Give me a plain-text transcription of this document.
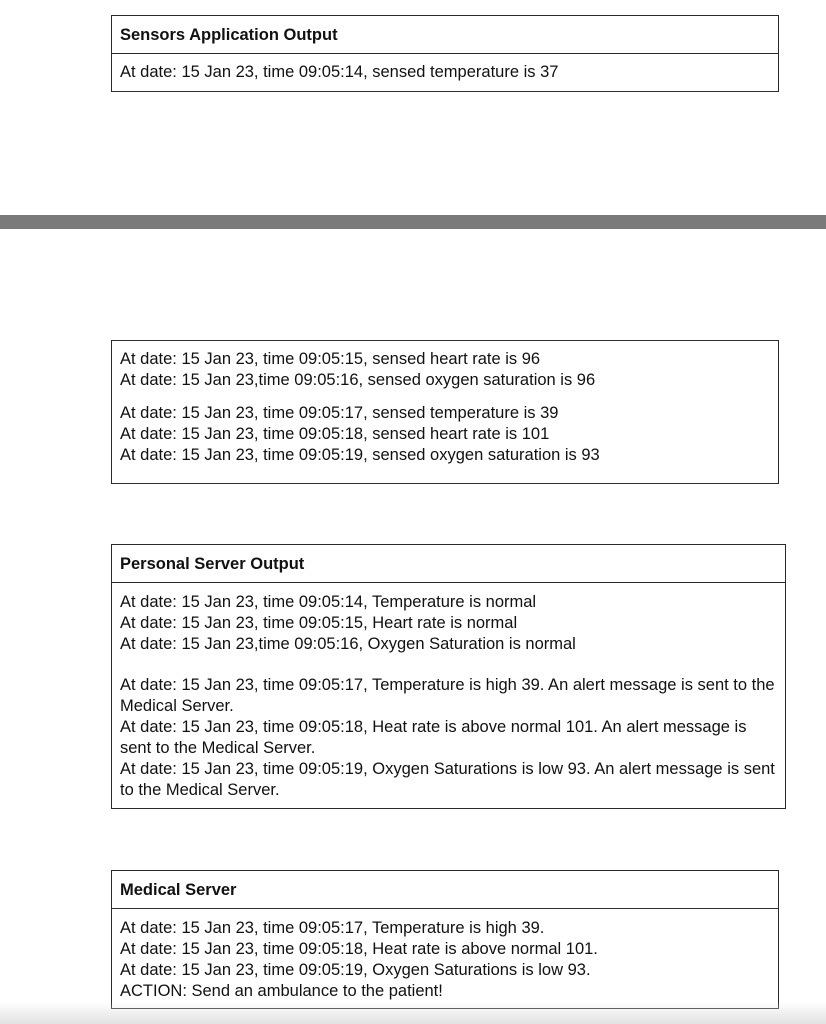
Sensors Application Output
At date: 15 Jan 23, time 09:05:14, sensed temperature is 37
At date: 15 Jan 23, time 09:05:15, sensed heart rate is 96
At date: 15 Jan 23,time 09:05:16, sensed oxygen saturation is 96
At date: 15 Jan 23, time 09:05:17, sensed temperature is 39
At date: 15 Jan 23, time 09:05:18, sensed heart rate is 101
At date: 15 Jan 23, time 09:05:19, sensed oxygen saturation is 93
Personal Server Output
At date: 15 Jan 23, time 09:05:14, Temperature is normal
At date: 15 Jan 23, time 09:05:15, Heart rate is normal
At date: 15 Jan 23,time 09:05:16, Oxygen Saturation is normal
At date: 15 Jan 23, time 09:05:17, Temperature is high 39. An alert message is sent to the Medical Server.
At date: 15 Jan 23, time 09:05:18, Heat rate is above normal 101. An alert message is sent to the Medical Server.
At date: 15 Jan 23, time 09:05:19, Oxygen Saturations is low 93. An alert message is sent to the Medical Server.
Medical Server
At date: 15 Jan 23, time 09:05:17, Temperature is high 39.
At date: 15 Jan 23, time 09:05:18, Heat rate is above normal 101.
At date: 15 Jan 23, time 09:05:19, Oxygen Saturations is low 93.
ACTION: Send an ambulance to the patient!
